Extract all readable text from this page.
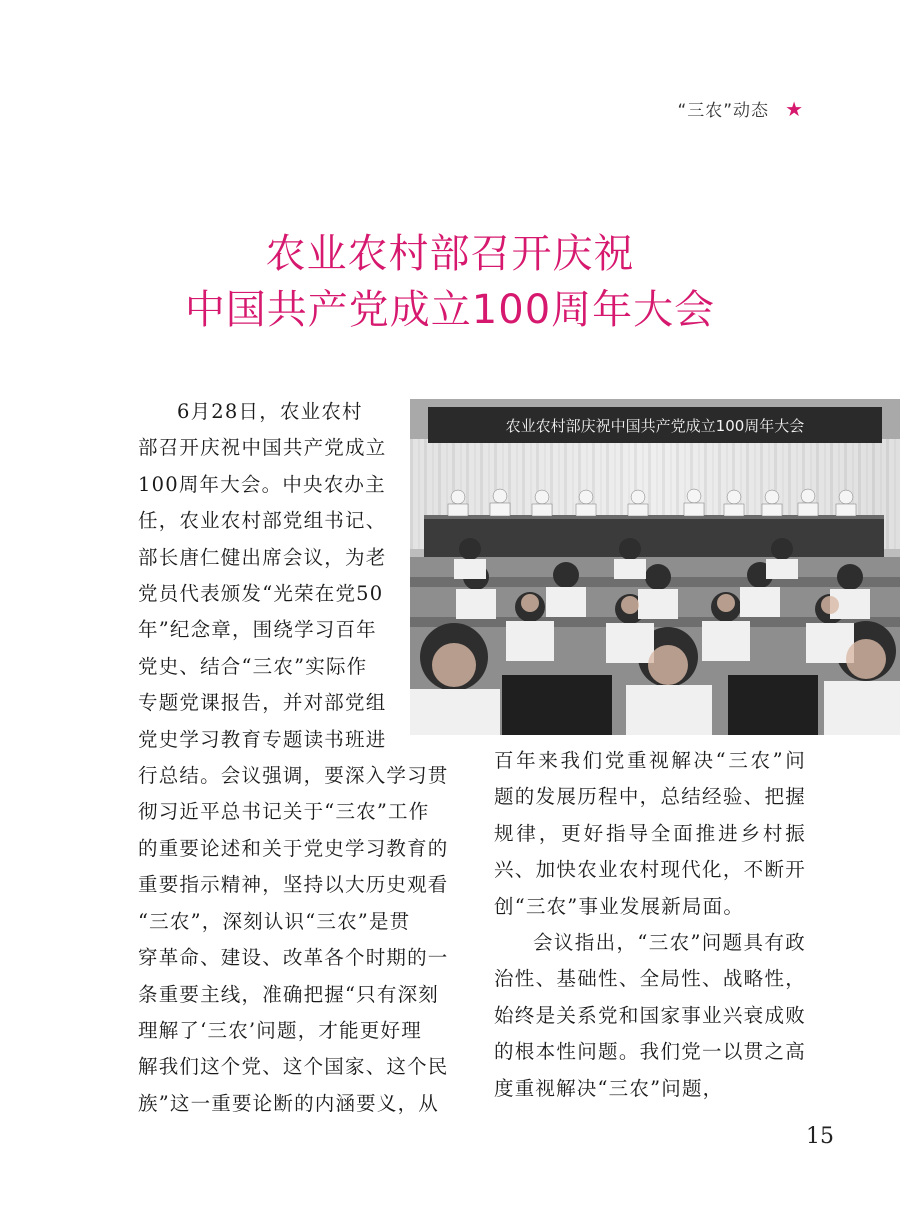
“三农”动态 ★
农业农村部召开庆祝
中国共产党成立100周年大会
6月28日，农业农村
部召开庆祝中国共产党成立
100周年大会。中央农办主
任，农业农村部党组书记、
部长唐仁健出席会议，为老
党员代表颁发“光荣在党50
年”纪念章，围绕学习百年
党史、结合“三农”实际作
专题党课报告，并对部党组
党史学习教育专题读书班进
行总结。会议强调，要深入学习贯
彻习近平总书记关于“三农”工作
的重要论述和关于党史学习教育的
重要指示精神，坚持以大历史观看
“三农”，深刻认识“三农”是贯
穿革命、建设、改革各个时期的一
条重要主线，准确把握“只有深刻
理解了‘三农’问题，才能更好理
解我们这个党、这个国家、这个民
族”这一重要论断的内涵要义，从
农业农村部庆祝中国共产党成立100周年大会

百年来我们党重视解决“三农”问题的发展历程中，总结经验、把握规律，更好指导全面推进乡村振兴、加快农业农村现代化，不断开创“三农”事业发展新局面。

会议指出，“三农”问题具有政治性、基础性、全局性、战略性，始终是关系党和国家事业兴衰成败的根本性问题。我们党一以贯之高度重视解决“三农”问题，

15
